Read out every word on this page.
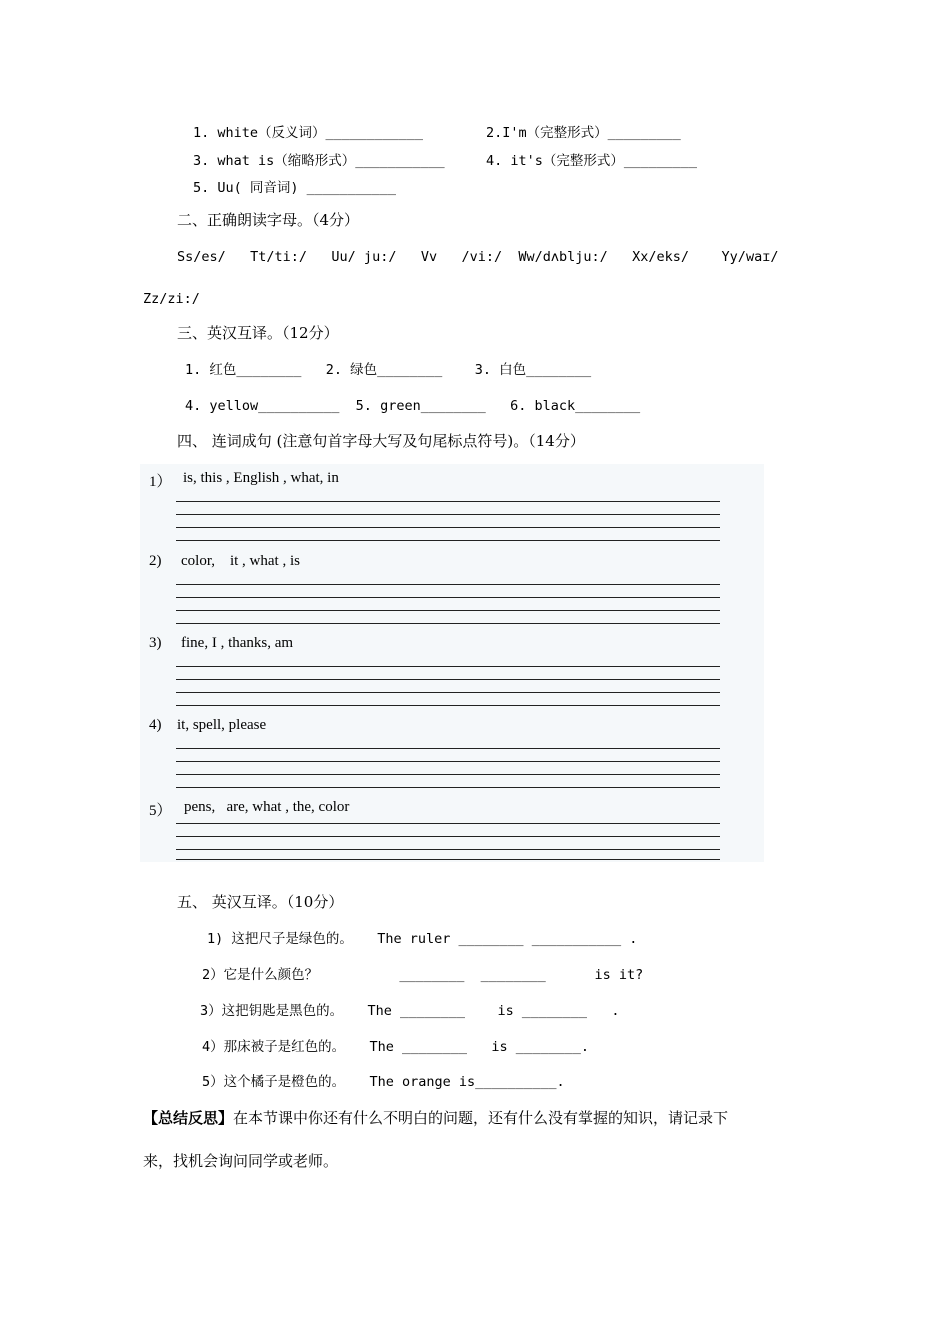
1. white（反义词）____________	2.I'm（完整形式）_________
3. what is（缩略形式）___________	4. it's（完整形式）_________
5. Uu( 同音词) ___________
二、正确朗读字母。（4分）
Ss/es/   Tt/ti:/   Uu/ ju:/   Vv   /vi:/  Ww/dʌblju:/   Xx/eks/    Yy/waɪ/
Zz/zi:/
三、英汉互译。（12分）
1. 红色________   2. 绿色________    3. 白色________
4. yellow__________  5. green________   6. black________
四、 连词成句 (注意句首字母大写及句尾标点符号)。（14分）
1） is, this , English , what, in
2) color,    it , what , is
3) fine, I , thanks, am
4) it, spell, please
5） pens,   are, what , the, color
五、 英汉互译。（10分）
1) 这把尺子是绿色的。   The ruler ________ ___________ .
2）它是什么颜色？          ________  ________      is it?
3）这把钥匙是黑色的。   The ________    is ________   .
4）那床被子是红色的。   The ________   is ________.
5）这个橘子是橙色的。   The orange is__________.
【总结反思】在本节课中你还有什么不明白的问题，还有什么没有掌握的知识，请记录下
来，找机会询问同学或老师。
